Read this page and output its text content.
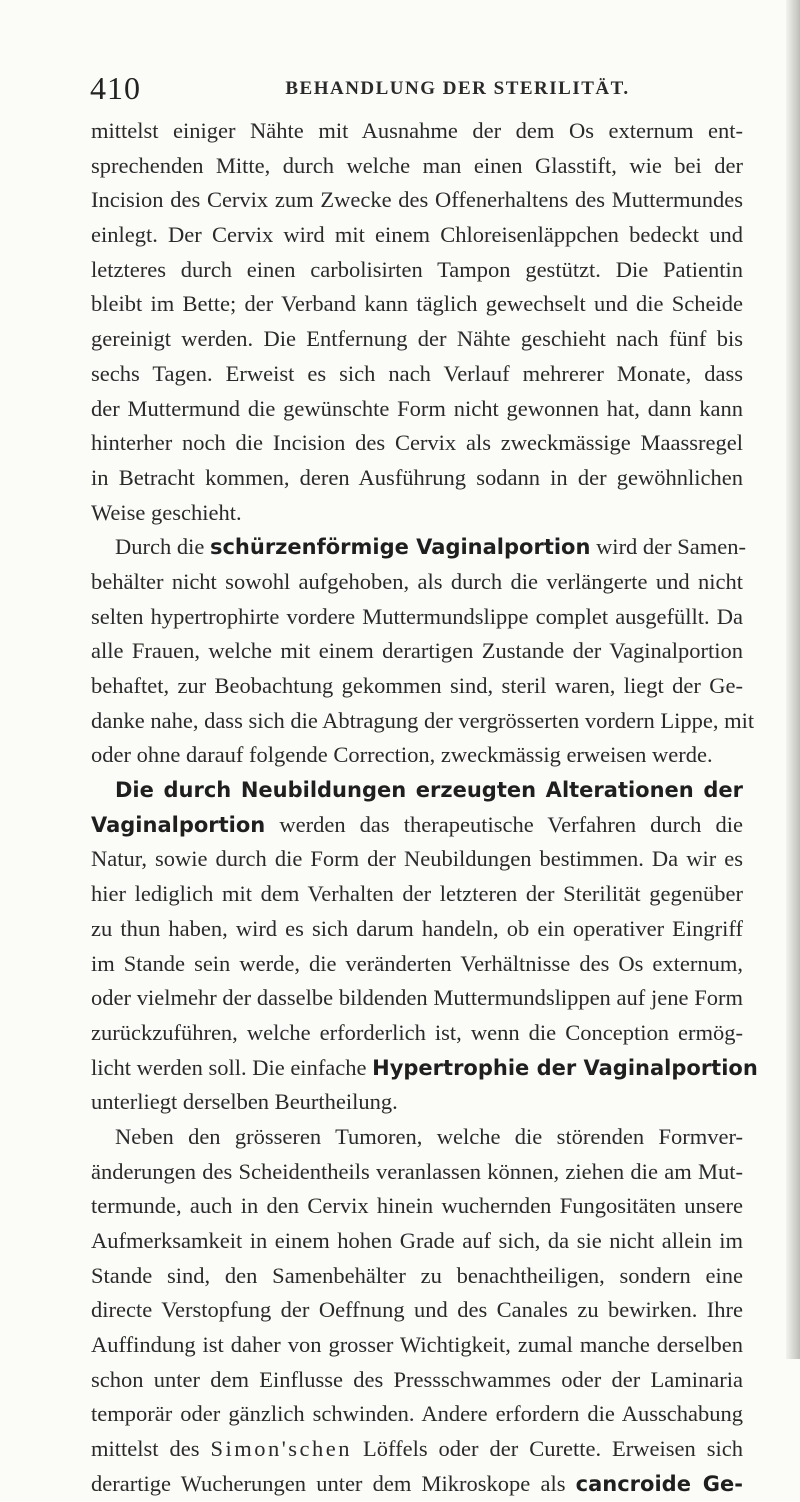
410	BEHANDLUNG DER STERILITÄT.
mittelst einiger Nähte mit Ausnahme der dem Os externum ent-
sprechenden Mitte, durch welche man einen Glasstift, wie bei der
Incision des Cervix zum Zwecke des Offenerhaltens des Muttermundes
einlegt. Der Cervix wird mit einem Chloreisenläppchen bedeckt und
letzteres durch einen carbolisirten Tampon gestützt. Die Patientin
bleibt im Bette; der Verband kann täglich gewechselt und die Scheide
gereinigt werden. Die Entfernung der Nähte geschieht nach fünf bis
sechs Tagen. Erweist es sich nach Verlauf mehrerer Monate, dass
der Muttermund die gewünschte Form nicht gewonnen hat, dann kann
hinterher noch die Incision des Cervix als zweckmässige Maassregel
in Betracht kommen, deren Ausführung sodann in der gewöhnlichen
Weise geschieht.
Durch die schürzenförmige Vaginalportion wird der Samen-
behälter nicht sowohl aufgehoben, als durch die verlängerte und nicht
selten hypertrophirte vordere Muttermundslippe complet ausgefüllt. Da
alle Frauen, welche mit einem derartigen Zustande der Vaginalportion
behaftet, zur Beobachtung gekommen sind, steril waren, liegt der Ge-
danke nahe, dass sich die Abtragung der vergrösserten vordern Lippe, mit
oder ohne darauf folgende Correction, zweckmässig erweisen werde.
Die durch Neubildungen erzeugten Alterationen der
Vaginalportion werden das therapeutische Verfahren durch die
Natur, sowie durch die Form der Neubildungen bestimmen. Da wir es
hier lediglich mit dem Verhalten der letzteren der Sterilität gegenüber
zu thun haben, wird es sich darum handeln, ob ein operativer Eingriff
im Stande sein werde, die veränderten Verhältnisse des Os externum,
oder vielmehr der dasselbe bildenden Muttermundslippen auf jene Form
zurückzuführen, welche erforderlich ist, wenn die Conception ermög-
licht werden soll. Die einfache Hypertrophie der Vaginalportion
unterliegt derselben Beurtheilung.
Neben den grösseren Tumoren, welche die störenden Formver-
änderungen des Scheidentheils veranlassen können, ziehen die am Mut-
termunde, auch in den Cervix hinein wuchernden Fungositäten unsere
Aufmerksamkeit in einem hohen Grade auf sich, da sie nicht allein im
Stande sind, den Samenbehälter zu benachtheiligen, sondern eine
directe Verstopfung der Oeffnung und des Canales zu bewirken. Ihre
Auffindung ist daher von grosser Wichtigkeit, zumal manche derselben
schon unter dem Einflusse des Pressschwammes oder der Laminaria
temporär oder gänzlich schwinden. Andere erfordern die Ausschabung
mittelst des Simon'schen Löffels oder der Curette. Erweisen sich
derartige Wucherungen unter dem Mikroskope als cancroide Ge-
